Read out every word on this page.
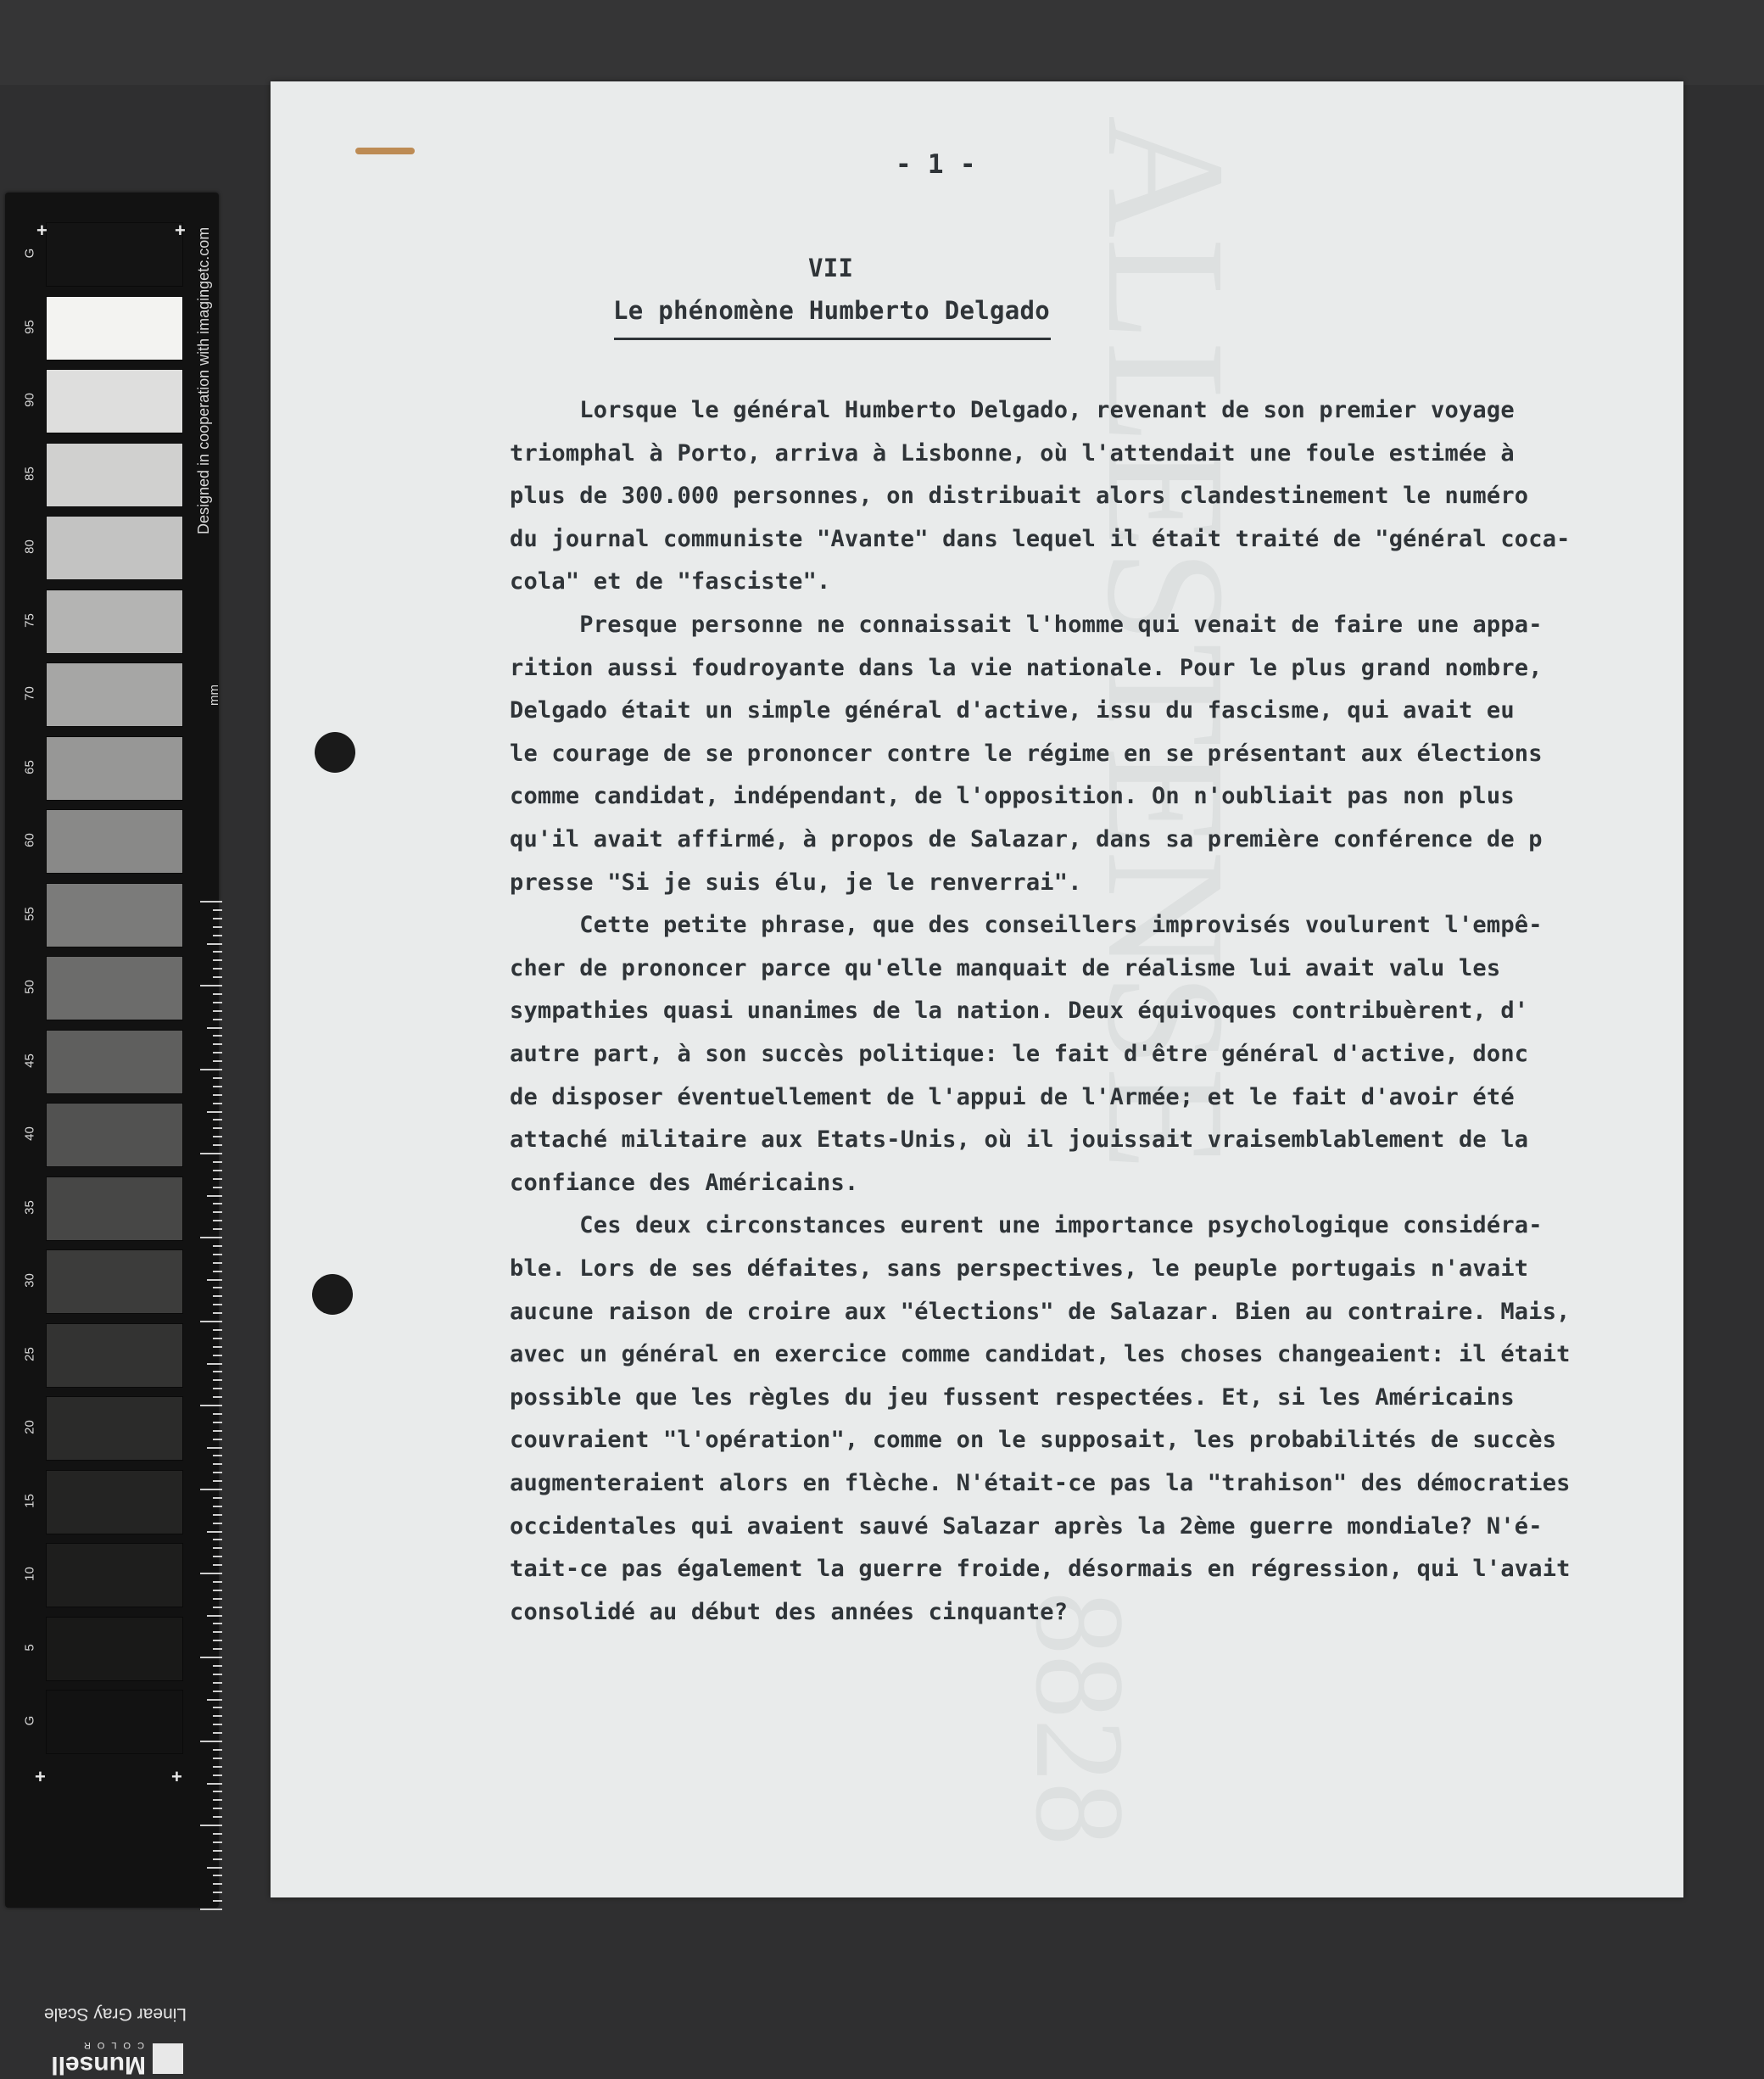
G
95
90
85
80
75
70
65
60
55
50
45
40
35
30
25
20
15
10
5
G
+	+
+	+
Linear Gray Scale
Munsell
COLOR
Designed in cooperation with imagingetc.com
mm	ALLESTENSE
8828
- 1 -
VII
Le phénomène Humberto Delgado
Lorsque le général Humberto Delgado, revenant de son premier voyage
triomphal à Porto, arriva à Lisbonne, où l'attendait une foule estimée à
plus de 300.000 personnes, on distribuait alors clandestinement le numéro
du journal communiste "Avante" dans lequel il était traité de "général coca-
cola" et de "fasciste".
Presque personne ne connaissait l'homme qui venait de faire une appa-
rition aussi foudroyante dans la vie nationale. Pour le plus grand nombre,
Delgado était un simple général d'active, issu du fascisme, qui avait eu
le courage de se prononcer contre le régime en se présentant aux élections
comme candidat, indépendant, de l'opposition. On n'oubliait pas non plus
qu'il avait affirmé, à propos de Salazar, dans sa première conférence de p
presse "Si je suis élu, je le renverrai".
Cette petite phrase, que des conseillers improvisés voulurent l'empê-
cher de prononcer parce qu'elle manquait de réalisme lui avait valu les
sympathies quasi unanimes de la nation. Deux équivoques contribuèrent, d'
autre part, à son succès politique: le fait d'être général d'active, donc
de disposer éventuellement de l'appui de l'Armée; et le fait d'avoir été
attaché militaire aux Etats-Unis, où il jouissait vraisemblablement de la
confiance des Américains.
Ces deux circonstances eurent une importance psychologique considéra-
ble. Lors de ses défaites, sans perspectives, le peuple portugais n'avait
aucune raison de croire aux "élections" de Salazar. Bien au contraire. Mais,
avec un général en exercice comme candidat, les choses changeaient: il était
possible que les règles du jeu fussent respectées. Et, si les Américains
couvraient "l'opération", comme on le supposait, les probabilités de succès
augmenteraient alors en flèche. N'était-ce pas la "trahison" des démocraties
occidentales qui avaient sauvé Salazar après la 2ème guerre mondiale? N'é-
tait-ce pas également la guerre froide, désormais en régression, qui l'avait
consolidé au début des années cinquante?
